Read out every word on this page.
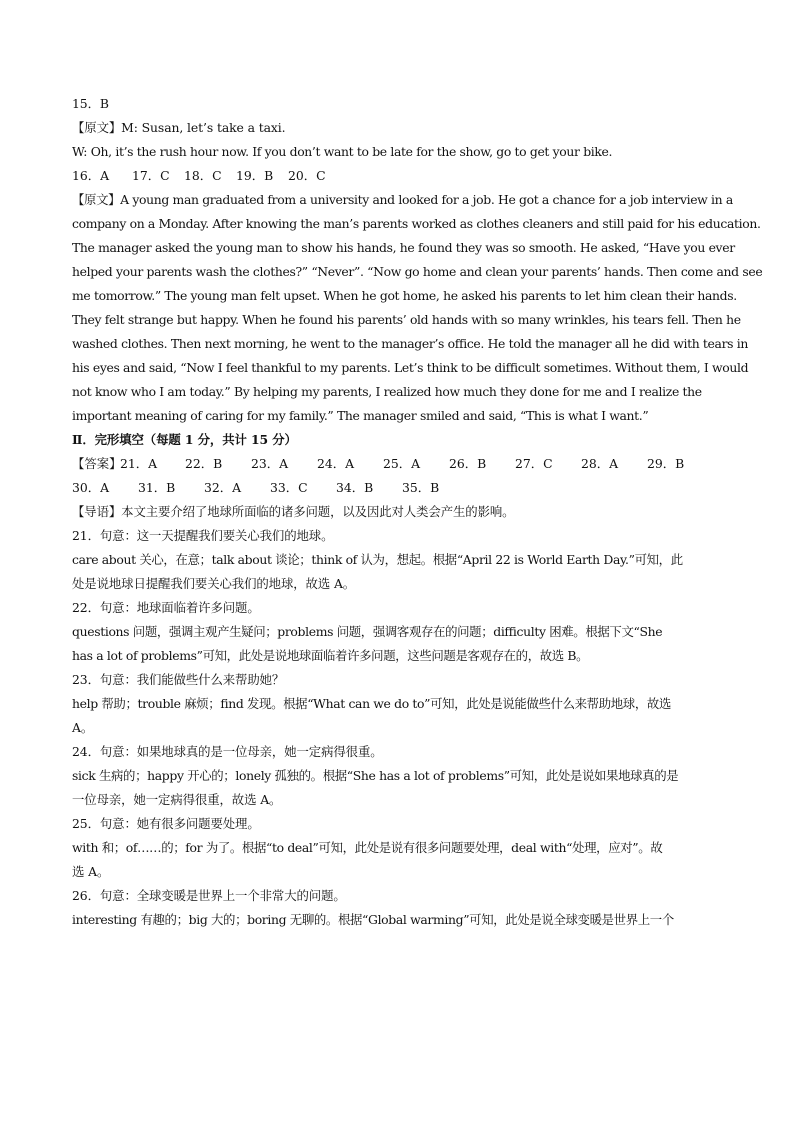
15．B
【原文】M: Susan, let’s take a taxi.
W: Oh, it’s the rush hour now. If you don’t want to be late for the show, go to get your bike.
16．A	17．C	18．C	19．B	20．C
【原文】A young man graduated from a university and looked for a job. He got a chance for a job interview in a
company on a Monday. After knowing the man’s parents worked as clothes cleaners and still paid for his education.
The manager asked the young man to show his hands, he found they was so smooth. He asked, “Have you ever
helped your parents wash the clothes?” “Never”. “Now go home and clean your parents’ hands. Then come and see
me tomorrow.” The young man felt upset. When he got home, he asked his parents to let him clean their hands.
They felt strange but happy. When he found his parents’ old hands with so many wrinkles, his tears fell. Then he
washed clothes. Then next morning, he went to the manager’s office. He told the manager all he did with tears in
his eyes and said, “Now I feel thankful to my parents. Let’s think to be difficult sometimes. Without them, I would
not know who I am today.” By helping my parents, I realized how much they done for me and I realize the
important meaning of caring for my family.” The manager smiled and said, “This is what I want.”
Ⅱ．完形填空（每题 1 分，共计 15 分）
【答案】
21．A	22．B	23．A	24．A	25．A	26．B	27．C	28．A	29．B
30．A	31．B	32．A	33．C	34．B	35．B
【导语】本文主要介绍了地球所面临的诸多问题，以及因此对人类会产生的影响。
21．句意：这一天提醒我们要关心我们的地球。
care about 关心，在意；talk about 谈论；think of 认为，想起。根据“April 22 is World Earth Day.”可知，此
处是说地球日提醒我们要关心我们的地球，故选 A。
22．句意：地球面临着许多问题。
questions 问题，强调主观产生疑问；problems 问题，强调客观存在的问题；difficulty 困难。根据下文“She
has a lot of problems”可知，此处是说地球面临着许多问题，这些问题是客观存在的，故选 B。
23．句意：我们能做些什么来帮助她？
help 帮助；trouble 麻烦；find 发现。根据“What can we do to”可知，此处是说能做些什么来帮助地球，故选
A。
24．句意：如果地球真的是一位母亲，她一定病得很重。
sick 生病的；happy 开心的；lonely 孤独的。根据“She has a lot of problems”可知，此处是说如果地球真的是
一位母亲，她一定病得很重，故选 A。
25．句意：她有很多问题要处理。
with 和；of……的；for 为了。根据“to deal”可知，此处是说有很多问题要处理，deal with“处理，应对”。故
选 A。
26．句意：全球变暖是世界上一个非常大的问题。
interesting 有趣的；big 大的；boring 无聊的。根据“Global warming”可知，此处是说全球变暖是世界上一个
